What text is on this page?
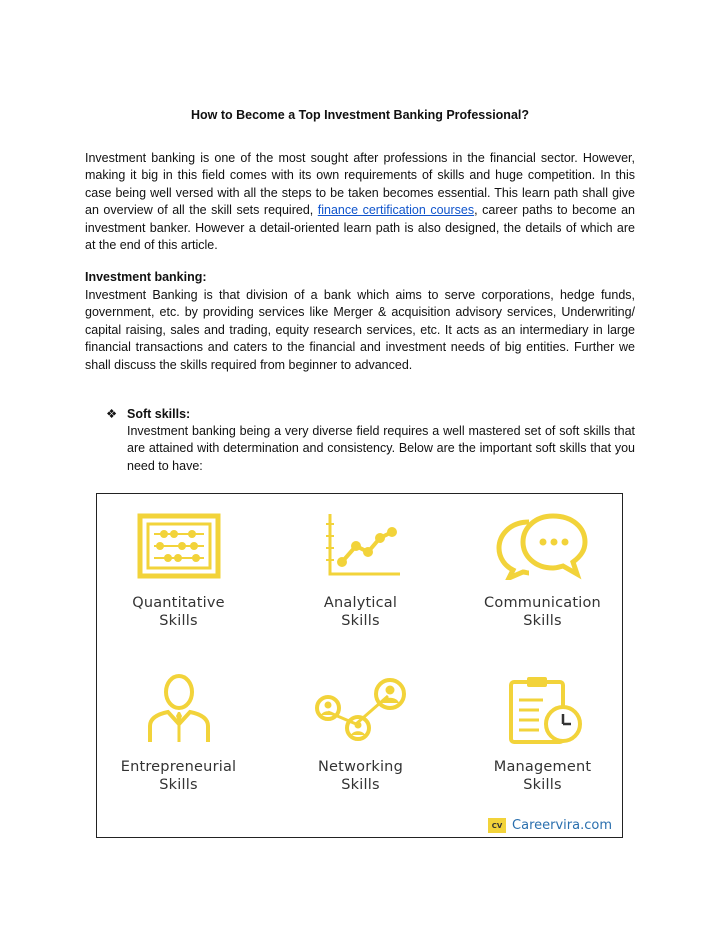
How to Become a Top Investment Banking Professional?
Investment banking is one of the most sought after professions in the financial sector. However, making it big in this field comes with its own requirements of skills and huge competition. In this case being well versed with all the steps to be taken becomes essential. This learn path shall give an overview of all the skill sets required, finance certification courses, career paths to become an investment banker. However a detail-oriented learn path is also designed, the details of which are at the end of this article.
Investment banking:
Investment Banking is that division of a bank which aims to serve corporations, hedge funds, government, etc. by providing services like Merger & acquisition advisory services, Underwriting/ capital raising, sales and trading, equity research services, etc. It acts as an intermediary in large financial transactions and caters to the financial and investment needs of big entities. Further we shall discuss the skills required from beginner to advanced.
❖ Soft skills:
Investment banking being a very diverse field requires a well mastered set of soft skills that are attained with determination and consistency. Below are the important soft skills that you need to have:
Quantitative
Skills
Analytical
Skills
Communication
Skills
Entrepreneurial
Skills
Networking
Skills
Management
Skills
CV Careervira.com
